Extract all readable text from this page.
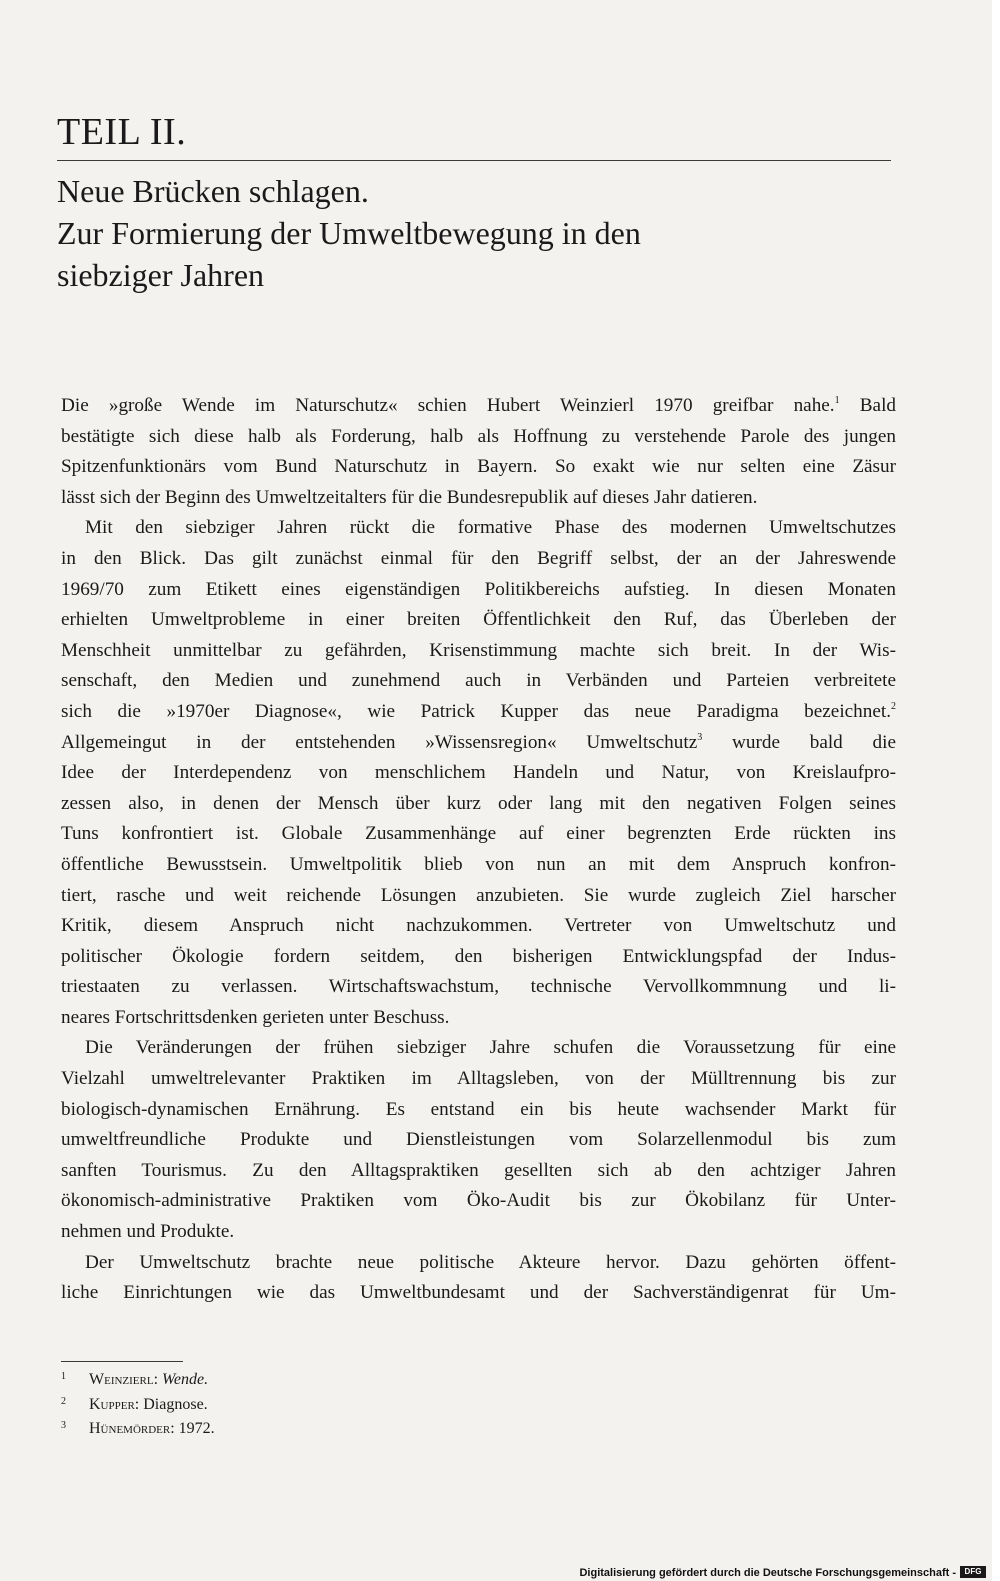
TEIL II.
Neue Brücken schlagen.
Zur Formierung der Umweltbewegung in den
siebziger Jahren

Die »große Wende im Naturschutz« schien Hubert Weinzierl 1970 greifbar nahe.$^1$ Bald
bestätigte sich diese halb als Forderung, halb als Hoffnung zu verstehende Parole des jungen
Spitzenfunktionärs vom Bund Naturschutz in Bayern. So exakt wie nur selten eine Zäsur
lässt sich der Beginn des Umweltzeitalters für die Bundesrepublik auf dieses Jahr datieren.

Mit den siebziger Jahren rückt die formative Phase des modernen Umweltschutzes
in den Blick. Das gilt zunächst einmal für den Begriff selbst, der an der Jahreswende
1969/70 zum Etikett eines eigenständigen Politikbereichs aufstieg. In diesen Monaten
erhielten Umweltprobleme in einer breiten Öffentlichkeit den Ruf, das Überleben der
Menschheit unmittelbar zu gefährden, Krisenstimmung machte sich breit. In der Wis-
senschaft, den Medien und zunehmend auch in Verbänden und Parteien verbreitete
sich die »1970er Diagnose«, wie Patrick Kupper das neue Paradigma bezeichnet.$^2$
Allgemeingut in der entstehenden »Wissensregion« Umweltschutz$^3$ wurde bald die
Idee der Interdependenz von menschlichem Handeln und Natur, von Kreislaufpro-
zessen also, in denen der Mensch über kurz oder lang mit den negativen Folgen seines
Tuns konfrontiert ist. Globale Zusammenhänge auf einer begrenzten Erde rückten ins
öffentliche Bewusstsein. Umweltpolitik blieb von nun an mit dem Anspruch konfron-
tiert, rasche und weit reichende Lösungen anzubieten. Sie wurde zugleich Ziel harscher
Kritik, diesem Anspruch nicht nachzukommen. Vertreter von Umweltschutz und
politischer Ökologie fordern seitdem, den bisherigen Entwicklungspfad der Indus-
triestaaten zu verlassen. Wirtschaftswachstum, technische Vervollkommnung und li-
neares Fortschrittsdenken gerieten unter Beschuss.

Die Veränderungen der frühen siebziger Jahre schufen die Voraussetzung für eine
Vielzahl umweltrelevanter Praktiken im Alltagsleben, von der Mülltrennung bis zur
biologisch-dynamischen Ernährung. Es entstand ein bis heute wachsender Markt für
umweltfreundliche Produkte und Dienstleistungen vom Solarzellenmodul bis zum
sanften Tourismus. Zu den Alltagspraktiken gesellten sich ab den achtziger Jahren
ökonomisch-administrative Praktiken vom Öko-Audit bis zur Ökobilanz für Unter-
nehmen und Produkte.

Der Umweltschutz brachte neue politische Akteure hervor. Dazu gehörten öffent-
liche Einrichtungen wie das Umweltbundesamt und der Sachverständigenrat für Um-

1 Weinzierl: Wende.
2 Kupper: Diagnose.
3 Hünemörder: 1972.
Digitalisierung gefördert durch die Deutsche Forschungsgemeinschaft -	DFG
